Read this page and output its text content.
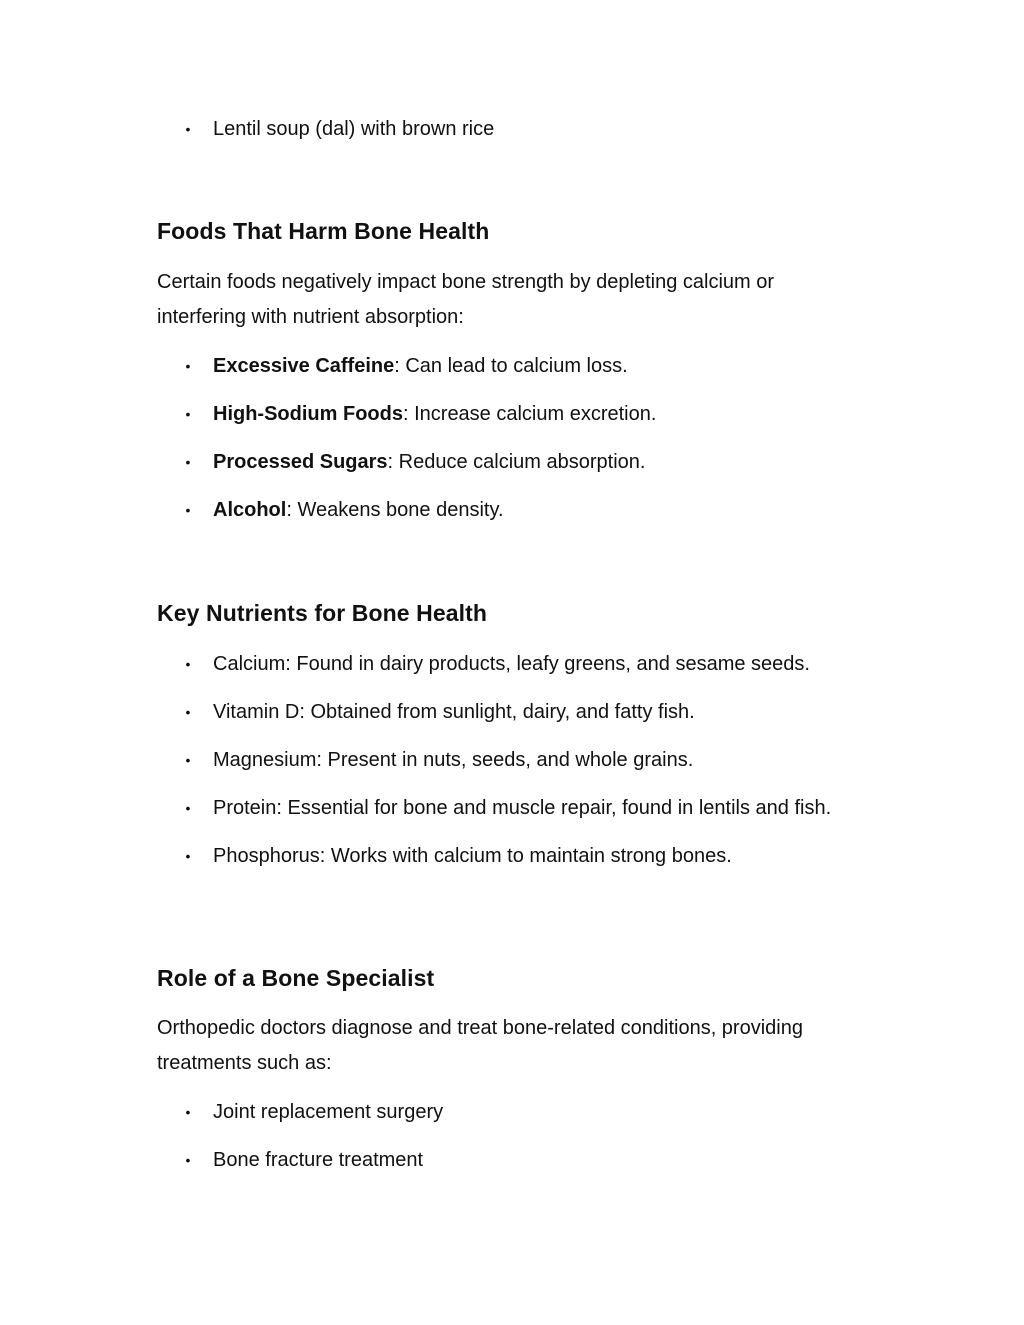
• Lentil soup (dal) with brown rice
Foods That Harm Bone Health

Certain foods negatively impact bone strength by depleting calcium or interfering with nutrient absorption:

• Excessive Caffeine: Can lead to calcium loss.
• High-Sodium Foods: Increase calcium excretion.
• Processed Sugars: Reduce calcium absorption.
• Alcohol: Weakens bone density.
Key Nutrients for Bone Health
• Calcium: Found in dairy products, leafy greens, and sesame seeds.
• Vitamin D: Obtained from sunlight, dairy, and fatty fish.
• Magnesium: Present in nuts, seeds, and whole grains.
• Protein: Essential for bone and muscle repair, found in lentils and fish.
• Phosphorus: Works with calcium to maintain strong bones.
Role of a Bone Specialist

Orthopedic doctors diagnose and treat bone-related conditions, providing treatments such as:

• Joint replacement surgery
• Bone fracture treatment
